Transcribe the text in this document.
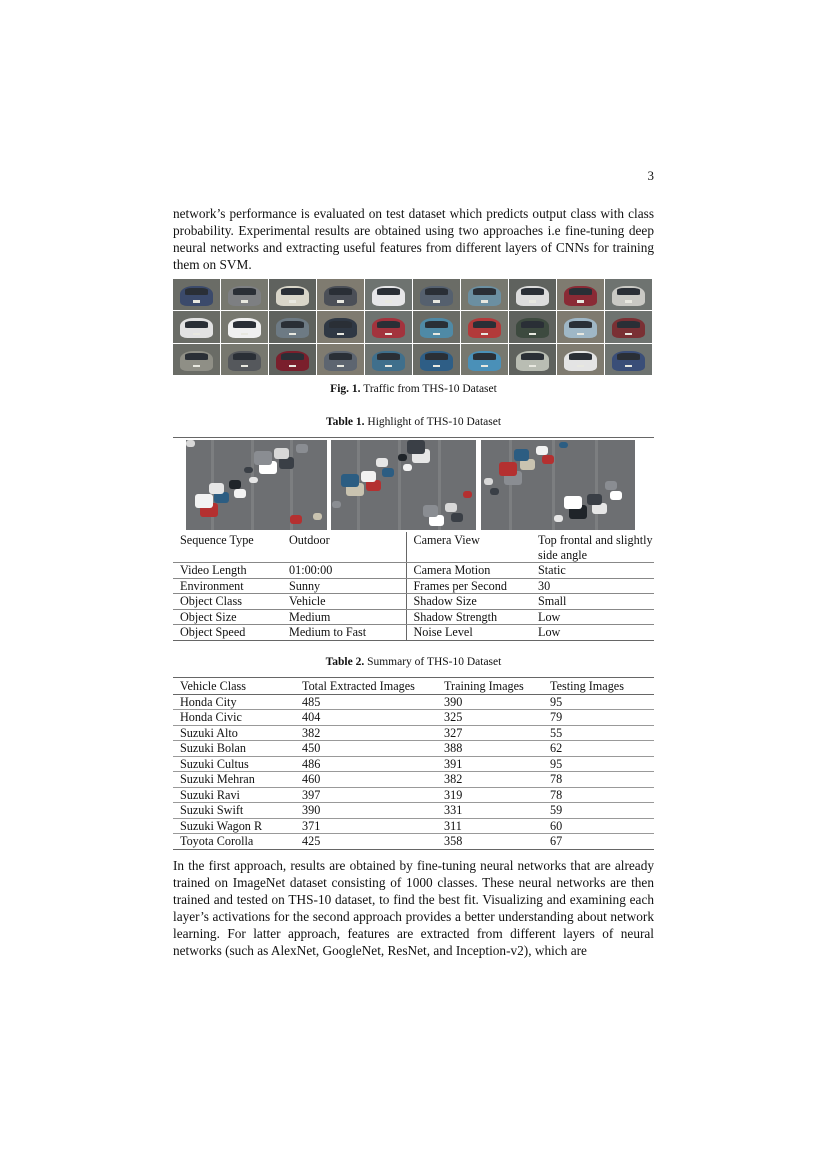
3

network’s performance is evaluated on test dataset which predicts output class with class probability. Experimental results are obtained using two approaches i.e fine-tuning deep neural networks and extracting useful features from different layers of CNNs for training them on SVM.

Fig. 1. Traffic from THS-10 Dataset
Table 1. Highlight of THS-10 Dataset
Sequence Type	Outdoor	Camera View	Top frontal and slightly side angle
Video Length	01:00:00	Camera Motion	Static
Environment	Sunny	Frames per Second	30
Object Class	Vehicle	Shadow Size	Small
Object Size	Medium	Shadow Strength	Low
Object Speed	Medium to Fast	Noise Level	Low
Table 2. Summary of THS-10 Dataset
Vehicle Class	Total Extracted Images	Training Images	Testing Images
Honda City	485	390	95
Honda Civic	404	325	79
Suzuki Alto	382	327	55
Suzuki Bolan	450	388	62
Suzuki Cultus	486	391	95
Suzuki Mehran	460	382	78
Suzuki Ravi	397	319	78
Suzuki Swift	390	331	59
Suzuki Wagon R	371	311	60
Toyota Corolla	425	358	67

In the first approach, results are obtained by fine-tuning neural networks that are already trained on ImageNet dataset consisting of 1000 classes. These neural networks are then trained and tested on THS-10 dataset, to find the best fit. Visualizing and examining each layer’s activations for the second approach provides a better understanding about network learning. For latter approach, features are extracted from different layers of neural networks (such as AlexNet, GoogleNet, ResNet, and Inception-v2), which are
